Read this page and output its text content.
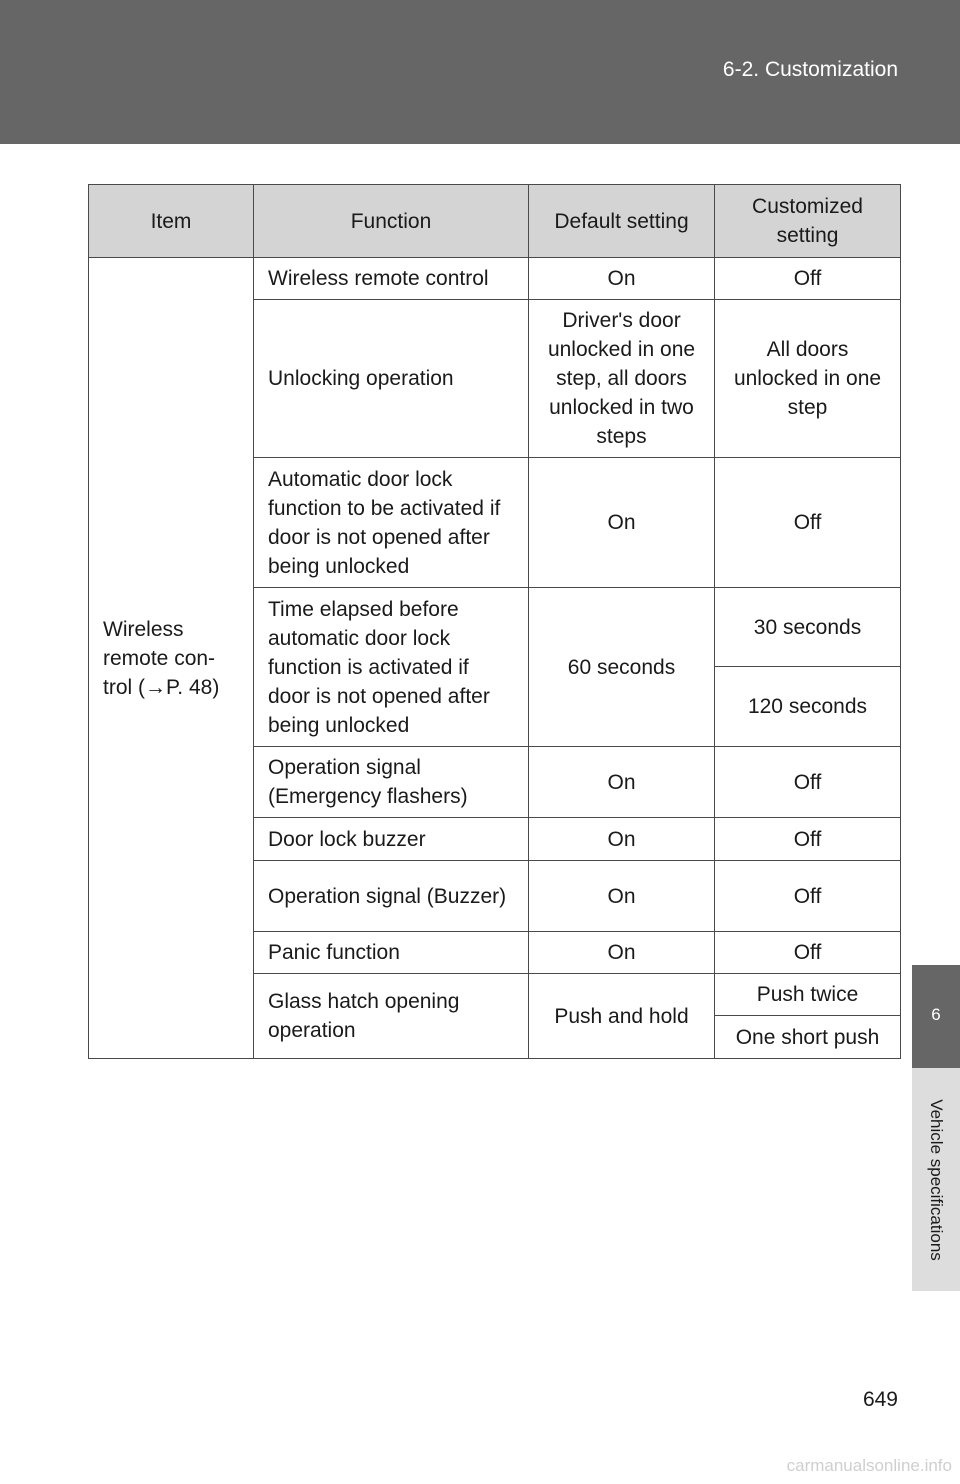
6-2. Customization
6
Vehicle specifications
Item	Function	Default setting	Customized setting
Wireless remote con- trol (→P. 48)	Wireless remote control	On	Off
	Unlocking operation	Driver's door unlocked in one step, all doors unlocked in two steps	All doors unlocked in one step
	Automatic door lock function to be activated if door is not opened after being unlocked	On	Off
	Time elapsed before automatic door lock function is activated if door is not opened after being unlocked	60 seconds	30 seconds
			120 seconds
	Operation signal (Emergency flashers)	On	Off
	Door lock buzzer	On	Off
	Operation signal (Buzzer)	On	Off
	Panic function	On	Off
	Glass hatch opening operation	Push and hold	Push twice
			One short push
649
carmanualsonline.info
